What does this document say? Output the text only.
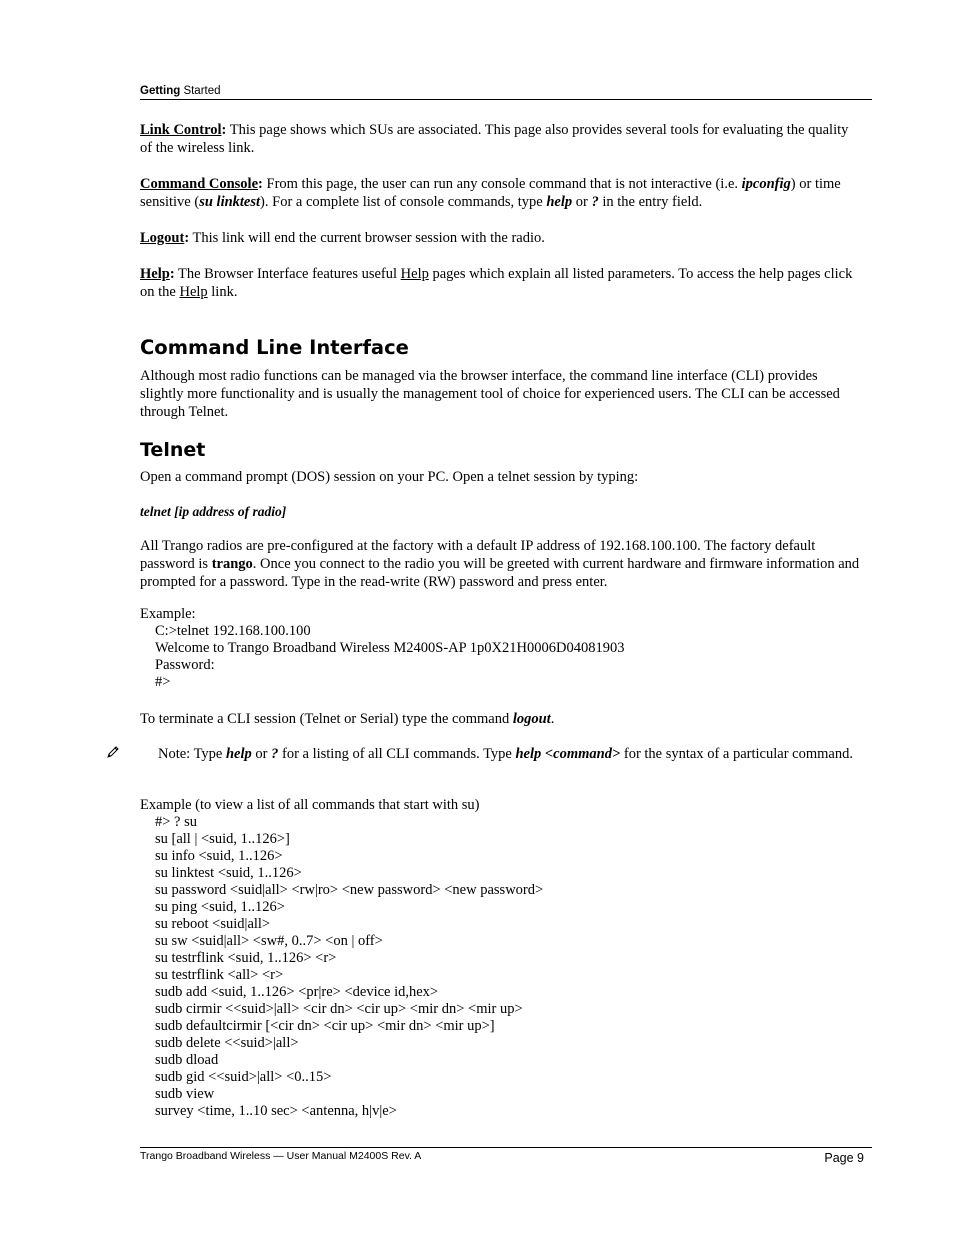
Getting Started
Link Control: This page shows which SUs are associated. This page also provides several tools for evaluating the quality of the wireless link.
Command Console: From this page, the user can run any console command that is not interactive (i.e. ipconfig) or time sensitive (su linktest). For a complete list of console commands, type help or ? in the entry field.
Logout: This link will end the current browser session with the radio.
Help: The Browser Interface features useful Help pages which explain all listed parameters. To access the help pages click on the Help link.
Command Line Interface
Although most radio functions can be managed via the browser interface, the command line interface (CLI) provides slightly more functionality and is usually the management tool of choice for experienced users. The CLI can be accessed through Telnet.
Telnet
Open a command prompt (DOS) session on your PC. Open a telnet session by typing:
telnet [ip address of radio]
All Trango radios are pre-configured at the factory with a default IP address of 192.168.100.100. The factory default password is trango. Once you connect to the radio you will be greeted with current hardware and firmware information and prompted for a password. Type in the read-write (RW) password and press enter.
Example:
C:>telnet 192.168.100.100
Welcome to Trango Broadband Wireless M2400S-AP 1p0X21H0006D04081903
Password:
#>
To terminate a CLI session (Telnet or Serial) type the command logout.
Note: Type help or ? for a listing of all CLI commands. Type help <command> for the syntax of a particular command.
Example (to view a list of all commands that start with su)
#> ? su
su [all | <suid, 1..126>]
su info <suid, 1..126>
su linktest <suid, 1..126>
su password <suid|all> <rw|ro> <new password> <new password>
su ping <suid, 1..126>
su reboot <suid|all>
su sw <suid|all> <sw#, 0..7> <on | off>
su testrflink <suid, 1..126> <r>
su testrflink <all> <r>
sudb add <suid, 1..126> <pr|re> <device id,hex>
sudb cirmir <<suid>|all> <cir dn> <cir up> <mir dn> <mir up>
sudb defaultcirmir [<cir dn> <cir up> <mir dn> <mir up>]
sudb delete <<suid>|all>
sudb dload
sudb gid <<suid>|all> <0..15>
sudb view
survey <time, 1..10 sec> <antenna, h|v|e>
Trango Broadband Wireless — User Manual M2400S Rev. A	Page 9
